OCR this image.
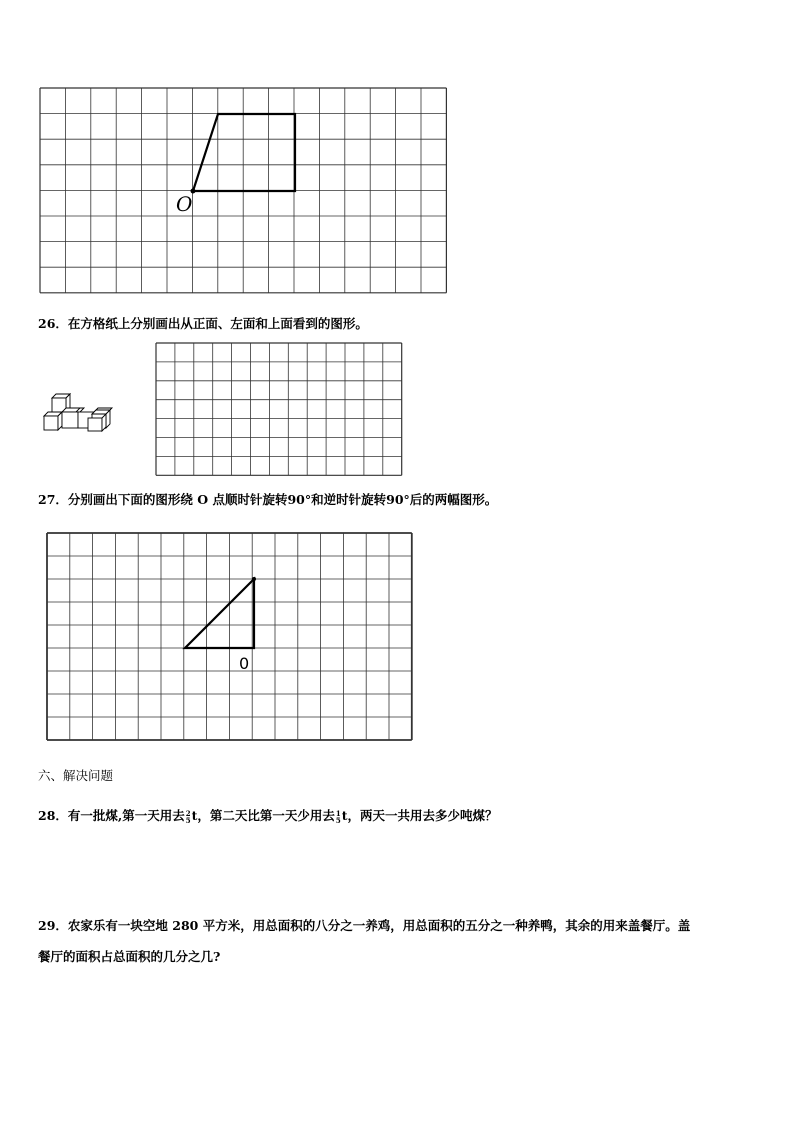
O
26．在方格纸上分别画出从正面、左面和上面看到的图形。
27．分别画出下面的图形绕 O 点顺时针旋转90°和逆时针旋转90°后的两幅图形。
0
六、解决问题
28．有一批煤,第一天用去 2
5 t，第二天比第一天少用去 1
5 t，两天一共用去多少吨煤？
29．农家乐有一块空地 280 平方米，用总面积的八分之一养鸡，用总面积的五分之一种养鸭，其余的用来盖餐厅。盖
餐厅的面积占总面积的几分之几?
